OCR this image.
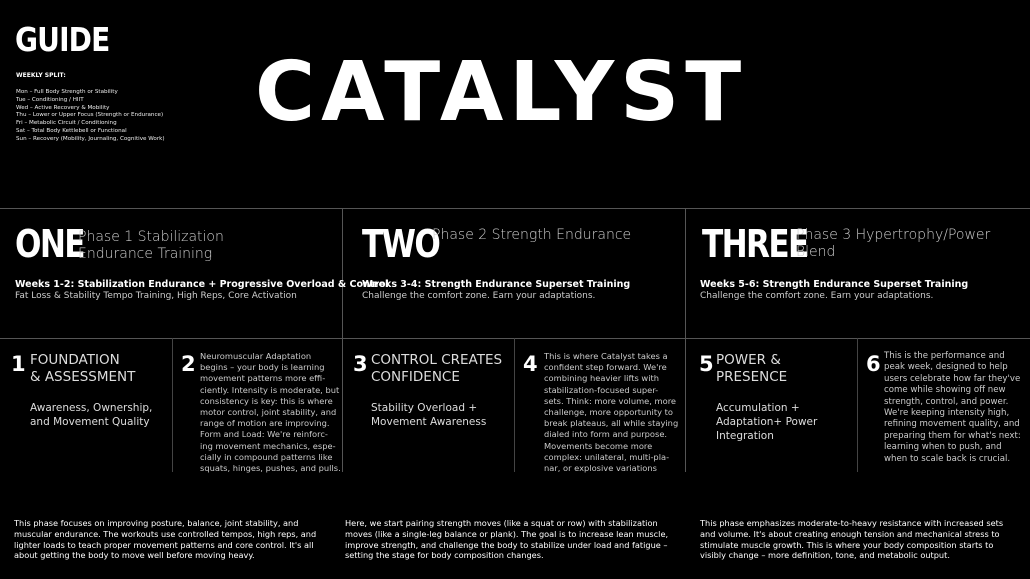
GUIDE
WEEKLY SPLIT:
Mon – Full Body Strength or Stability
Tue – Conditioning / HIIT
Wed – Active Recovery & Mobility
Thu – Lower or Upper Focus (Strength or Endurance)
Fri – Metabolic Circuit / Conditioning
Sat – Total Body Kettlebell or Functional
Sun – Recovery (Mobility, Journaling, Cognitive Work) CATALYST
ONE
Phase 1 Stabilization
Endurance Training
Weeks 1-2: Stabilization Endurance + Progressive Overload & Control
Fat Loss & Stability Tempo Training, High Reps, Core Activation
TWO
Phase 2 Strength Endurance
Weeks 3-4: Strength Endurance Superset Training
Challenge the comfort zone. Earn your adaptations.
THREE
Phase 3 Hypertrophy/Power
Blend
Weeks 5-6: Strength Endurance Superset Training
Challenge the comfort zone. Earn your adaptations.
1 FOUNDATION
& ASSESSMENT
Awareness, Ownership,
and Movement Quality
2 Neuromuscular Adaptation
begins – your body is learning
movement patterns more effi-
ciently. Intensity is moderate, but
consistency is key: this is where
motor control, joint stability, and
range of motion are improving.
Form and Load: We're reinforc-
ing movement mechanics, espe-
cially in compound patterns like
squats, hinges, pushes, and pulls.
3 CONTROL CREATES
CONFIDENCE
Stability Overload +
Movement Awareness
4 This is where Catalyst takes a
confident step forward. We're
combining heavier lifts with
stabilization-focused super-
sets. Think: more volume, more
challenge, more opportunity to
break plateaus, all while staying
dialed into form and purpose.
Movements become more
complex: unilateral, multi-pla-
nar, or explosive variations
5 POWER &
PRESENCE
Accumulation +
Adaptation+ Power
Integration
6 This is the performance and
peak week, designed to help
users celebrate how far they've
come while showing off new
strength, control, and power.
We're keeping intensity high,
refining movement quality, and
preparing them for what's next:
learning when to push, and
when to scale back is crucial.
This phase focuses on improving posture, balance, joint stability, and muscular endurance. The workouts use controlled tempos, high reps, and lighter loads to teach proper movement patterns and core control. It's all about getting the body to move well before moving heavy.
Here, we start pairing strength moves (like a squat or row) with stabilization moves (like a single-leg balance or plank). The goal is to increase lean muscle, improve strength, and challenge the body to stabilize under load and fatigue – setting the stage for body composition changes.
This phase emphasizes moderate-to-heavy resistance with increased sets and volume. It's about creating enough tension and mechanical stress to stimulate muscle growth. This is where your body composition starts to visibly change – more definition, tone, and metabolic output.
